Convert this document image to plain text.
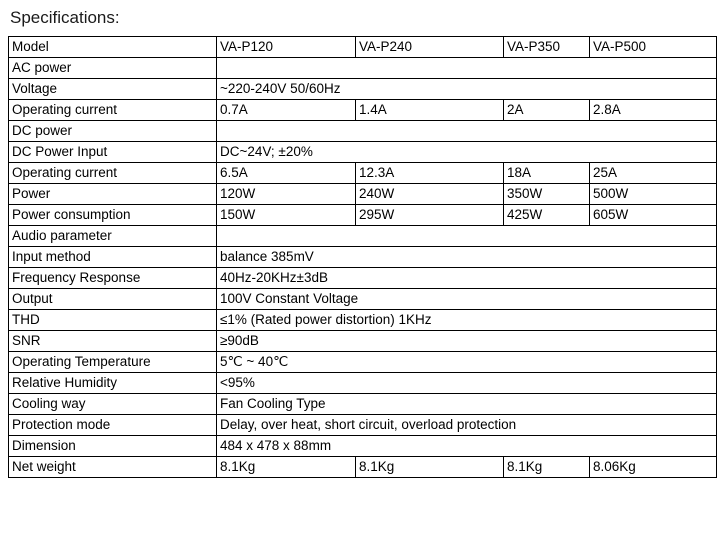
Specifications:
Model	VA-P120	VA-P240	VA-P350	VA-P500
AC power				
Voltage	~220-240V 50/60Hz			
Operating current	0.7A	1.4A	2A	2.8A
DC power				
DC Power Input	DC~24V; ±20%			
Operating current	6.5A	12.3A	18A	25A
Power	120W	240W	350W	500W
Power consumption	150W	295W	425W	605W
Audio parameter				
Input method	balance 385mV			
Frequency Response	40Hz-20KHz±3dB			
Output	100V Constant Voltage			
THD	≤1% (Rated power distortion) 1KHz			
SNR	≥90dB			
Operating Temperature	5℃ ~ 40℃			
Relative Humidity	<95%			
Cooling way	Fan Cooling Type			
Protection mode	Delay, over heat, short circuit, overload protection			
Dimension	484 x 478 x 88mm			
Net weight	8.1Kg	8.1Kg	8.1Kg	8.06Kg
